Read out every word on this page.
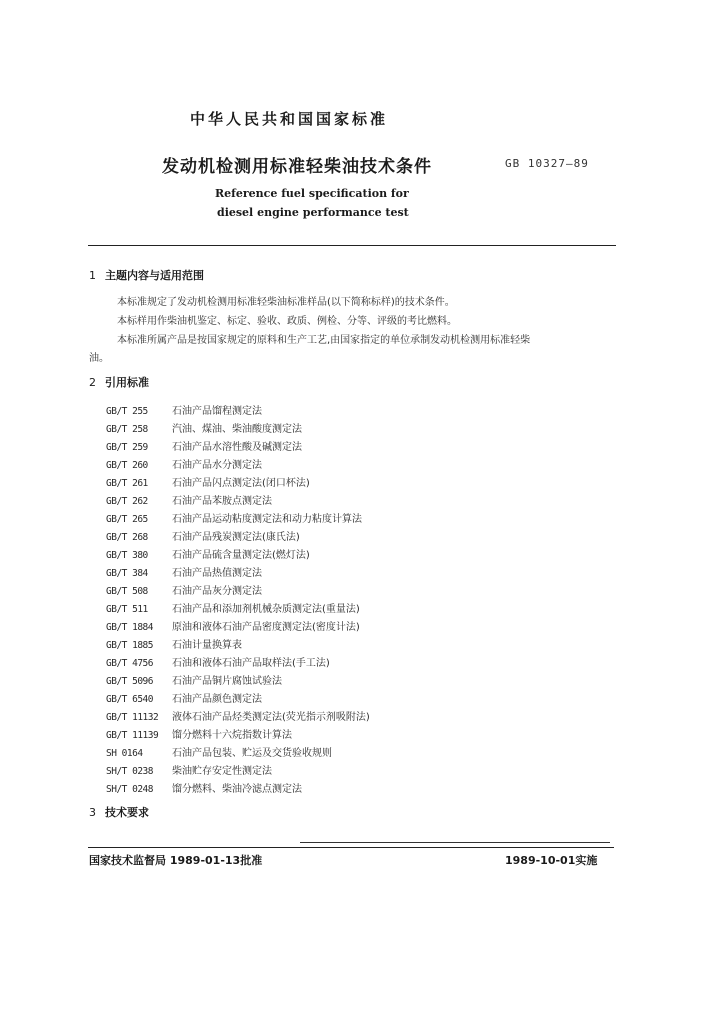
中华人民共和国国家标准
发动机检测用标准轻柴油技术条件	GB 10327—89
Reference fuel specification for
diesel engine performance test
1 主题内容与适用范围
本标准规定了发动机检测用标准轻柴油标准样品(以下简称标样)的技术条件。
本标样用作柴油机鉴定、标定、验收、政质、例检、分等、评级的考比燃料。
本标准所属产品是按国家规定的原料和生产工艺,由国家指定的单位承制发动机检测用标准轻柴
油。
2 引用标准
GB/T 255 石油产品馏程测定法
GB/T 258 汽油、煤油、柴油酸度测定法
GB/T 259 石油产品水溶性酸及碱测定法
GB/T 260 石油产品水分测定法
GB/T 261 石油产品闪点测定法(闭口杯法)
GB/T 262 石油产品苯胺点测定法
GB/T 265 石油产品运动粘度测定法和动力粘度计算法
GB/T 268 石油产品残炭测定法(康氏法)
GB/T 380 石油产品硫含量测定法(燃灯法)
GB/T 384 石油产品热值测定法
GB/T 508 石油产品灰分测定法
GB/T 511 石油产品和添加剂机械杂质测定法(重量法)
GB/T 1884 原油和液体石油产品密度测定法(密度计法)
GB/T 1885 石油计量换算表
GB/T 4756 石油和液体石油产品取样法(手工法)
GB/T 5096 石油产品铜片腐蚀试验法
GB/T 6540 石油产品颜色测定法
GB/T 11132 液体石油产品烃类测定法(荧光指示剂吸附法)
GB/T 11139 馏分燃料十六烷指数计算法
SH 0164	石油产品包装、贮运及交货验收规则
SH/T 0238 柴油贮存安定性测定法
SH/T 0248 馏分燃料、柴油冷滤点测定法
3 技术要求
国家技术监督局 1989-01-13批准	1989-10-01实施
